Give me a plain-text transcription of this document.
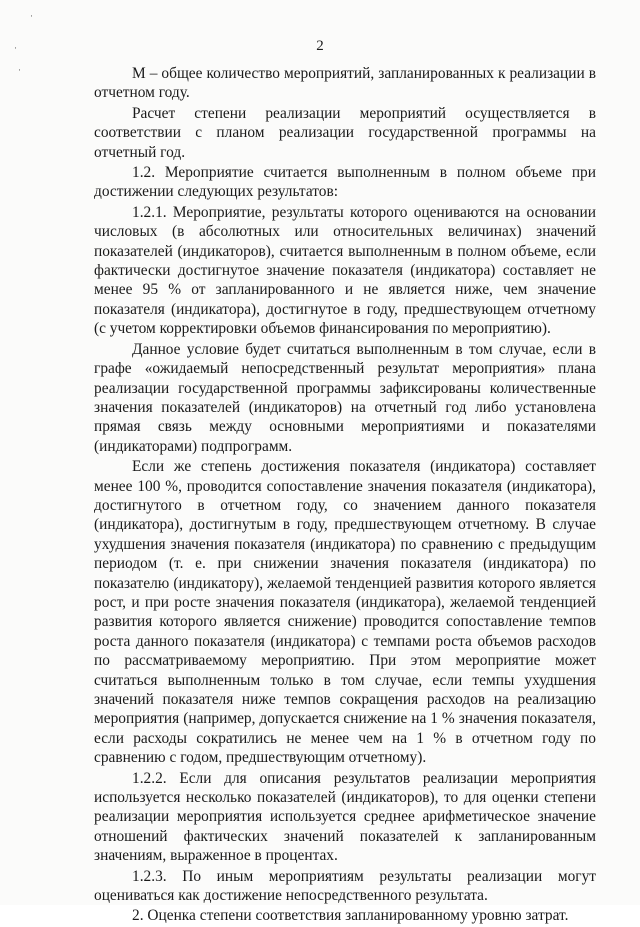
·
·
·
2

М – общее количество мероприятий, запланированных к реализации в отчетном году.

Расчет степени реализации мероприятий осуществляется в соответствии с планом реализации государственной программы на отчетный год.

1.2. Мероприятие считается выполненным в полном объеме при достижении следующих результатов:

1.2.1. Мероприятие, результаты которого оцениваются на основании числовых (в абсолютных или относительных величинах) значений показателей (индикаторов), считается выполненным в полном объеме, если фактически достигнутое значение показателя (индикатора) составляет не менее 95 % от запланированного и не является ниже, чем значение показателя (индикатора), достигнутое в году, предшествующем отчетному (с учетом корректировки объемов финансирования по мероприятию).

Данное условие будет считаться выполненным в том случае, если в графе «ожидаемый непосредственный результат мероприятия» плана реализации государственной программы зафиксированы количественные значения показателей (индикаторов) на отчетный год либо установлена прямая связь между основными мероприятиями и показателями (индикаторами) подпрограмм.

Если же степень достижения показателя (индикатора) составляет менее 100 %, проводится сопоставление значения показателя (индикатора), достигнутого в отчетном году, со значением данного показателя (индикатора), достигнутым в году, предшествующем отчетному. В случае ухудшения значения показателя (индикатора) по сравнению с предыдущим периодом (т. е. при снижении значения показателя (индикатора) по показателю (индикатору), желаемой тенденцией развития которого является рост, и при росте значения показателя (индикатора), желаемой тенденцией развития которого является снижение) проводится сопоставление темпов роста данного показателя (индикатора) с темпами роста объемов расходов по рассматриваемому мероприятию. При этом мероприятие может считаться выполненным только в том случае, если темпы ухудшения значений показателя ниже темпов сокращения расходов на реализацию мероприятия (например, допускается снижение на 1 % значения показателя, если расходы сократились не менее чем на 1 % в отчетном году по сравнению с годом, предшествующим отчетному).

1.2.2. Если для описания результатов реализации мероприятия используется несколько показателей (индикаторов), то для оценки степени реализации мероприятия используется среднее арифметическое значение отношений фактических значений показателей к запланированным значениям, выраженное в процентах.

1.2.3. По иным мероприятиям результаты реализации могут оцениваться как достижение непосредственного результата.

2. Оценка степени соответствия запланированному уровню затрат.
